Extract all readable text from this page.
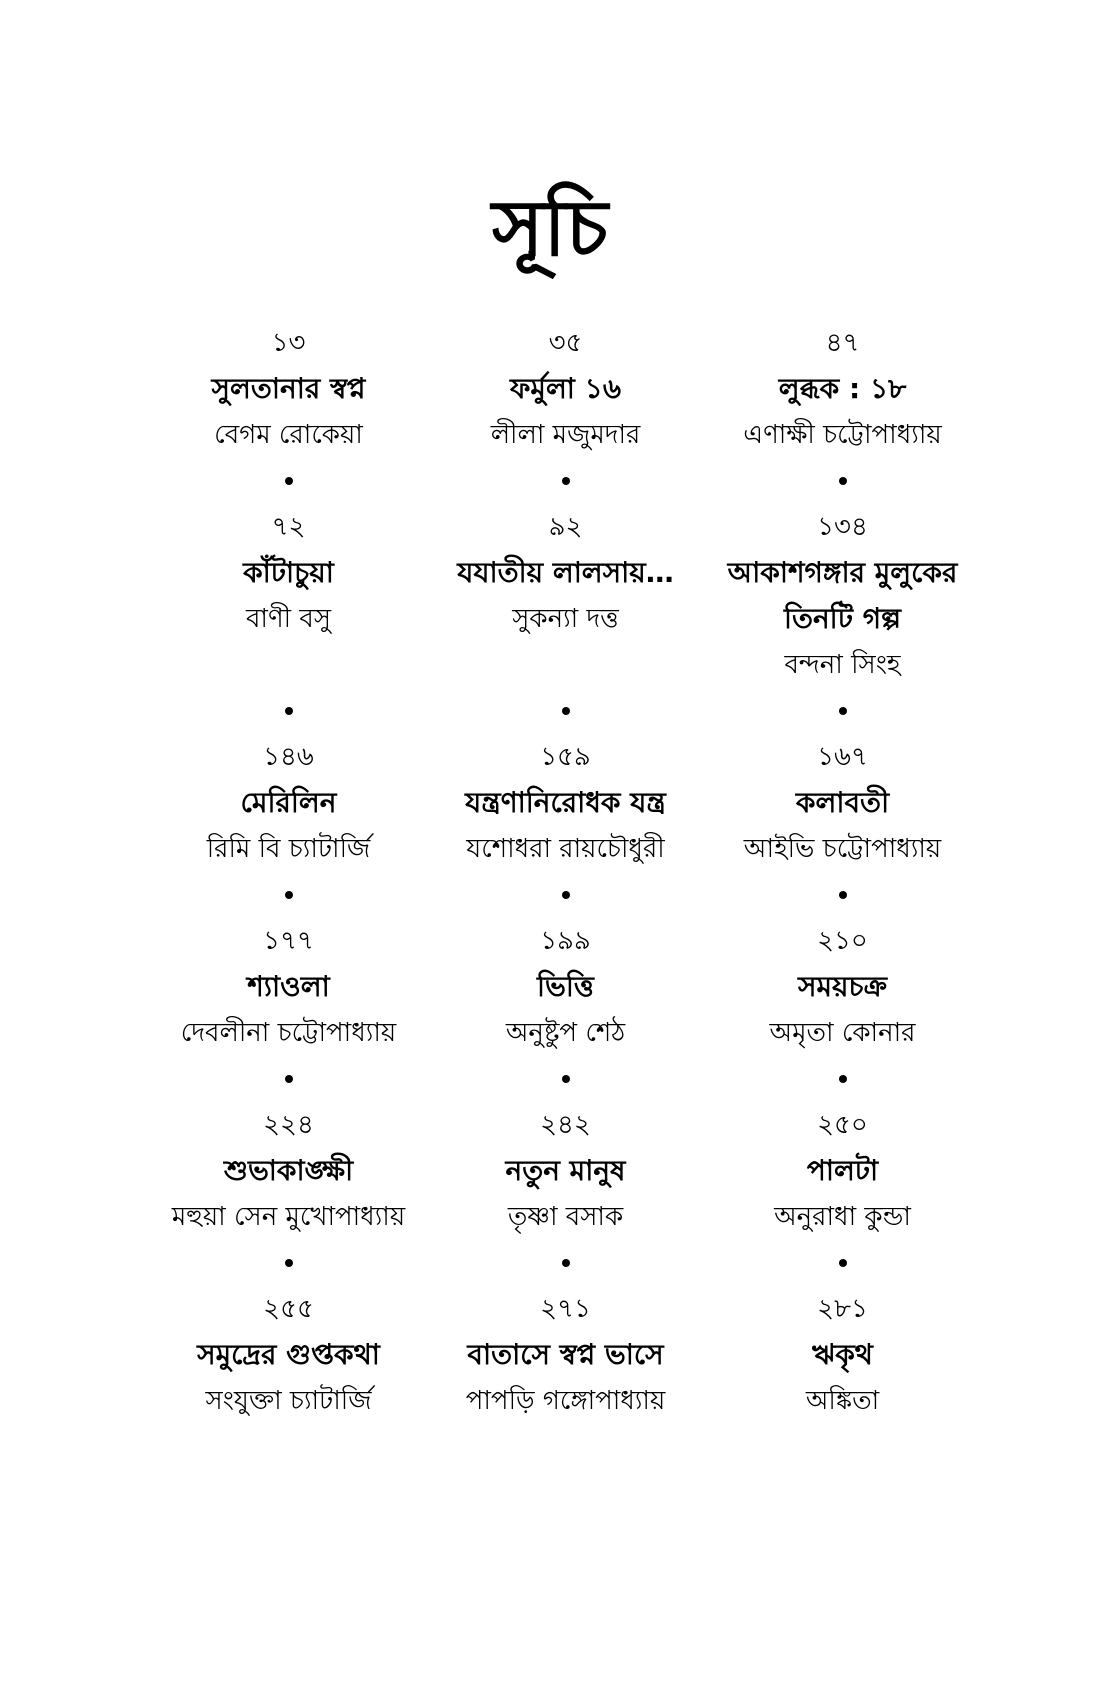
সূচি
১৩
সুলতানার স্বপ্ন
বেগম রোকেয়া
৩৫
ফর্মুলা ১৬
লীলা মজুমদার
৪৭
লুব্ধক : ১৮
এণাক্ষী চট্টোপাধ্যায়
৭২
কাঁটাচুয়া
বাণী বসু
৯২
যযাতীয় লালসায়…
সুকন্যা দত্ত
১৩৪
আকাশগঙ্গার মুলুকের তিনটি গল্প
বন্দনা সিংহ
১৪৬
মেরিলিন
রিমি বি চ্যাটার্জি
১৫৯
যন্ত্রণানিরোধক যন্ত্র
যশোধরা রায়চৌধুরী
১৬৭
কলাবতী
আইভি চট্টোপাধ্যায়
১৭৭
শ্যাওলা
দেবলীনা চট্টোপাধ্যায়
১৯৯
ভিত্তি
অনুষ্টুপ শেঠ
২১০
সময়চক্র
অমৃতা কোনার
২২৪
শুভাকাঙ্ক্ষী
মহুয়া সেন মুখোপাধ্যায়
২৪২
নতুন মানুষ
তৃষ্ণা বসাক
২৫০
পালটা
অনুরাধা কুন্ডা
২৫৫
সমুদ্রের গুপ্তকথা
সংযুক্তা চ্যাটার্জি
২৭১
বাতাসে স্বপ্ন ভাসে
পাপড়ি গঙ্গোপাধ্যায়
২৮১
ঋকৃথ
অঙ্কিতা
